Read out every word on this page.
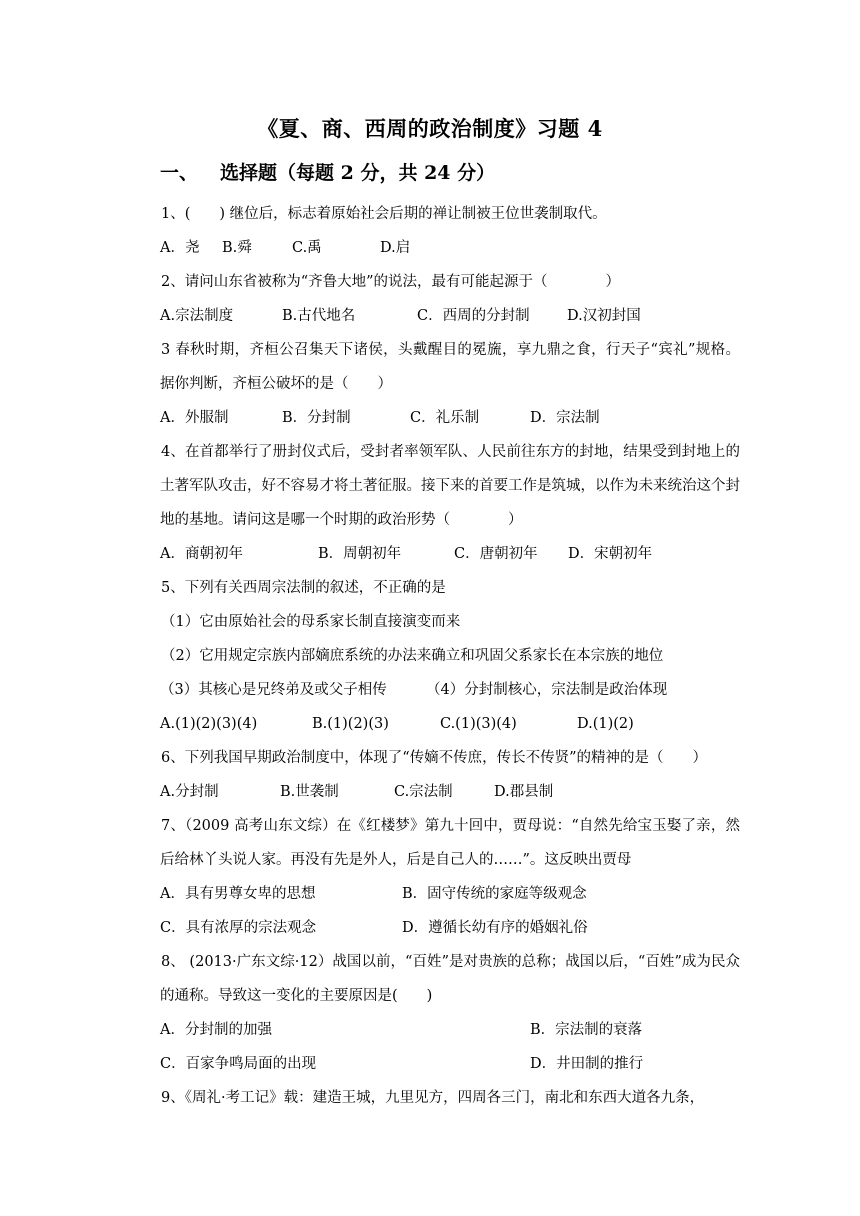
《夏、商、西周的政治制度》习题 4
一、 选择题（每题 2 分，共 24 分）
1、(　　) 继位后，标志着原始社会后期的禅让制被王位世袭制取代。
A．尧	B.舜	C.禹	D.启
2、请问山东省被称为“齐鲁大地”的说法，最有可能起源于（　　　　）
A.宗法制度	B.古代地名	C．西周的分封制	D.汉初封国
3 春秋时期，齐桓公召集天下诸侯，头戴醒目的冕旒，享九鼎之食，行天子“宾礼”规格。据你判断，齐桓公破坏的是（　　）
A．外服制	B．分封制	C．礼乐制	D．宗法制
4、在首都举行了册封仪式后，受封者率领军队、人民前往东方的封地，结果受到封地上的土著军队攻击，好不容易才将土著征服。接下来的首要工作是筑城，以作为未来统治这个封地的基地。请问这是哪一个时期的政治形势（　　　　）
A．商朝初年	B．周朝初年	C．唐朝初年	D．宋朝初年
5、下列有关西周宗法制的叙述，不正确的是
（1）它由原始社会的母系家长制直接演变而来
（2）它用规定宗族内部嫡庶系统的办法来确立和巩固父系家长在本宗族的地位
（3）其核心是兄终弟及或父子相传	（4）分封制核心，宗法制是政治体现
A.(1)(2)(3)(4)	B.(1)(2)(3)	C.(1)(3)(4)	D.(1)(2)
6、下列我国早期政治制度中，体现了“传嫡不传庶，传长不传贤”的精神的是（　　）
A.分封制	B.世袭制	C.宗法制	D.郡县制
7、（2009 高考山东文综）在《红楼梦》第九十回中，贾母说：“自然先给宝玉娶了亲，然后给林丫头说人家。再没有先是外人，后是自己人的……”。这反映出贾母
A．具有男尊女卑的思想	B．固守传统的家庭等级观念
C．具有浓厚的宗法观念	D．遵循长幼有序的婚姻礼俗
8、 (2013·广东文综·12）战国以前，“百姓”是对贵族的总称；战国以后，“百姓”成为民众的通称。导致这一变化的主要原因是(　　)
A．分封制的加强	B．宗法制的衰落
C．百家争鸣局面的出现	D．井田制的推行
9、《周礼·考工记》载：建造王城，九里见方，四周各三门，南北和东西大道各九条，
